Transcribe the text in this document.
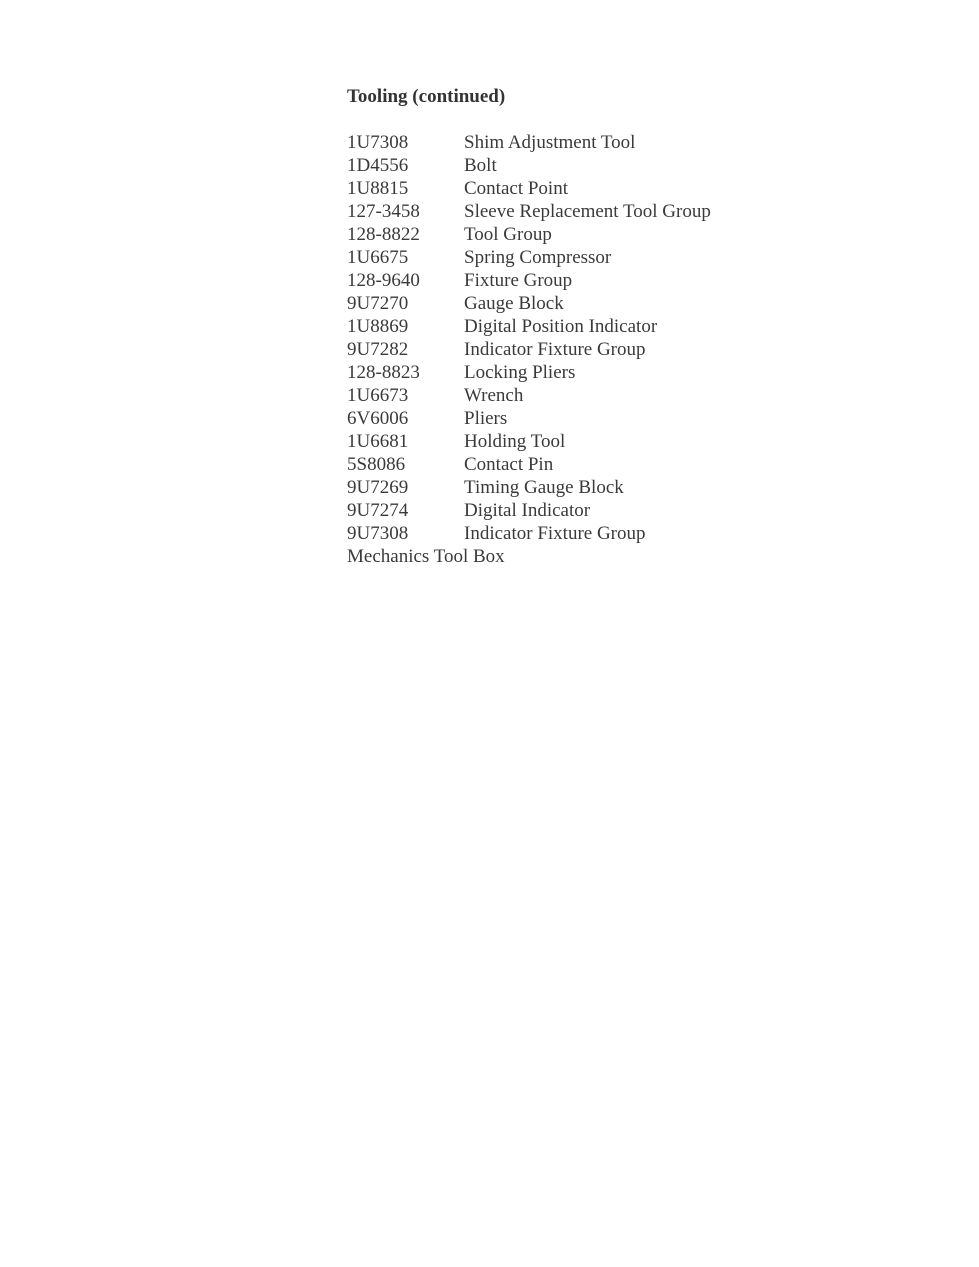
Tooling (continued)
1U7308	Shim Adjustment Tool
1D4556	Bolt
1U8815	Contact Point
127-3458	Sleeve Replacement Tool Group
128-8822	Tool Group
1U6675	Spring Compressor
128-9640	Fixture Group
9U7270	Gauge Block
1U8869	Digital Position Indicator
9U7282	Indicator Fixture Group
128-8823	Locking Pliers
1U6673	Wrench
6V6006	Pliers
1U6681	Holding Tool
5S8086	Contact Pin
9U7269	Timing Gauge Block
9U7274	Digital Indicator
9U7308	Indicator Fixture Group
Mechanics Tool Box
